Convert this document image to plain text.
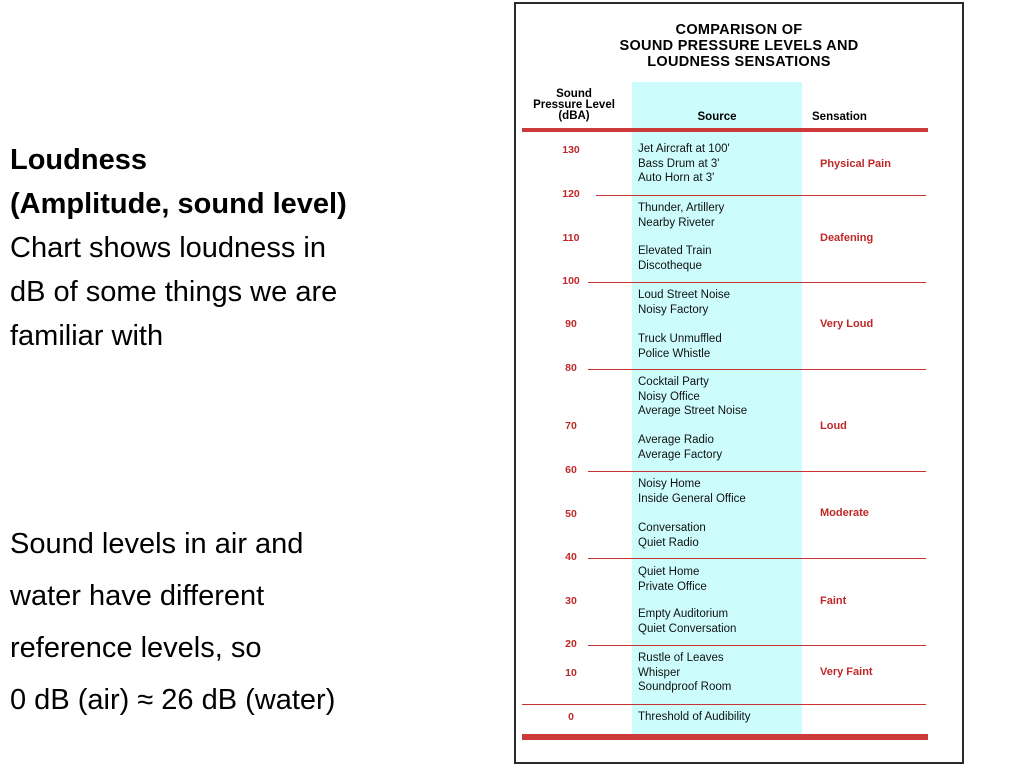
Loudness
(Amplitude, sound level)
Chart shows loudness in
dB of some things we are
familiar with
Sound levels in air and
water have different
reference levels, so
0 dB (air) ≈ 26 dB (water)
COMPARISON OF
SOUND PRESSURE LEVELS AND
LOUDNESS SENSATIONS
Sound
Pressure Level
(dBA)	Source	Sensation
130
120
110
100
90
80
70
60
50
40
30
20
10
0
Jet Aircraft at 100'
Bass Drum at 3'
Auto Horn at 3'
Thunder, Artillery
Nearby Riveter
Elevated Train
Discotheque
Loud Street Noise
Noisy Factory
Truck Unmuffled
Police Whistle
Cocktail Party
Noisy Office
Average Street Noise
Average Radio
Average Factory
Noisy Home
Inside General Office
Conversation
Quiet Radio
Quiet Home
Private Office
Empty Auditorium
Quiet Conversation
Rustle of Leaves
Whisper
Soundproof Room
Threshold of Audibility
Physical Pain
Deafening
Very Loud
Loud
Moderate
Faint
Very Faint
